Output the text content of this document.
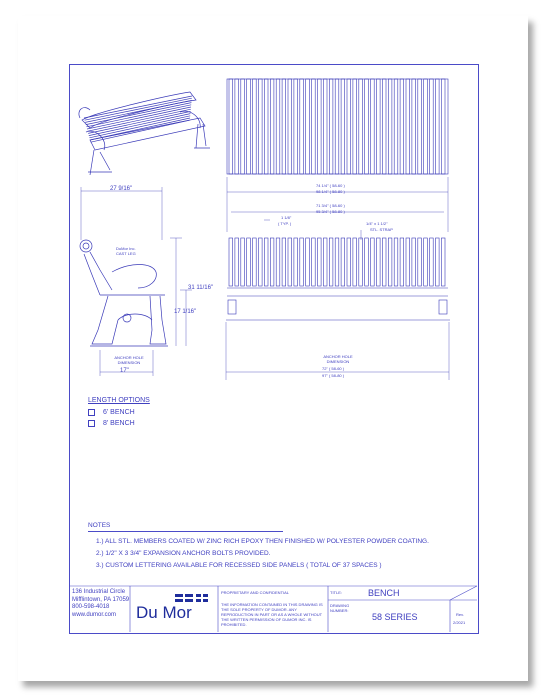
27 9/16"
31 11/16"
17 1/16"
DuMor Inc. CAST LEG
ANCHOR HOLE DIMENSION
17"
74 1/4" ( 58-60 )
98 1/4" ( 58-80 )
71 3/4" ( 58-60 )
95 3/4" ( 58-80 )
1 1/8"
( TYP. )	1/4" x 1 1/2"
STL. STRAP
ANCHOR HOLE DIMENSION
72" ( 58-60 )
97" ( 58-80 )
LENGTH OPTIONS
6' BENCH
8' BENCH
NOTES
1.) ALL STL. MEMBERS COATED W/ ZINC RICH EPOXY THEN FINISHED W/ POLYESTER POWDER COATING.
2.) 1/2" X 3 3/4" EXPANSION ANCHOR BOLTS PROVIDED.
3.) CUSTOM LETTERING AVAILABLE FOR RECESSED SIDE PANELS ( TOTAL OF 37 SPACES )
136 Industrial Circle
Mifflintown, PA 17059
800-598-4018
www.dumor.com	Du Mor
PROPRIETARY AND CONFIDENTIAL
THE INFORMATION CONTAINED IN THIS DRAWING IS THE SOLE PROPERTY OF DUMOR. ANY REPRODUCTION IN PART OR AS A WHOLE WITHOUT THE WRITTEN PERMISSION OF DUMOR INC. IS PROHIBITED.
TITLE:	BENCH
DRAWING NUMBER:
58 SERIES	Rev.
2/2021
